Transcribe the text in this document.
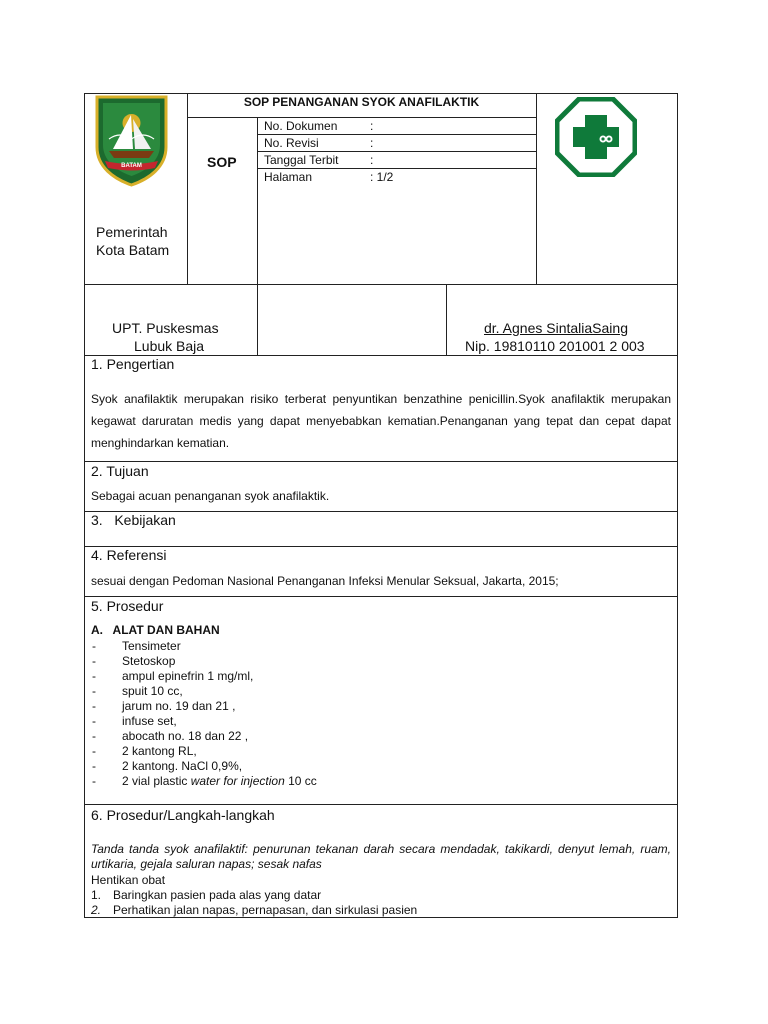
BATAM
Pemerintah
Kota Batam
SOP PENANGANAN SYOK ANAFILAKTIK
SOP
No. Dokumen	:
No. Revisi	:
Tanggal Terbit	:
Halaman	: 1/2
UPT. Puskesmas
Lubuk Baja
dr. Agnes SintaliaSaing
Nip. 19810110 201001 2 003
1. Pengertian
Syok anafilaktik merupakan risiko terberat penyuntikan benzathine penicillin.Syok anafilaktik merupakan kegawat daruratan medis yang dapat menyebabkan kematian.Penanganan yang tepat dan cepat dapat menghindarkan kematian.
2. Tujuan
Sebagai acuan penanganan syok anafilaktik.
3.   Kebijakan
4. Referensi
sesuai dengan Pedoman Nasional Penanganan Infeksi Menular Seksual, Jakarta, 2015;
5. Prosedur
A.   ALAT DAN BAHAN
- Tensimeter
- Stetoskop
- ampul epinefrin 1 mg/ml,
- spuit 10 cc,
- jarum no. 19 dan 21 ,
- infuse set,
- abocath no. 18 dan 22 ,
- 2 kantong RL,
- 2 kantong. NaCl 0,9%,
- 2 vial plastic water for injection 10 cc
6. Prosedur/Langkah-langkah
Tanda tanda syok anafilaktif: penurunan tekanan darah secara mendadak, takikardi, denyut lemah, ruam, urtikaria, gejala saluran napas; sesak nafas
Hentikan obat
1. Baringkan pasien pada alas yang datar
2. Perhatikan jalan napas, pernapasan, dan sirkulasi pasien
